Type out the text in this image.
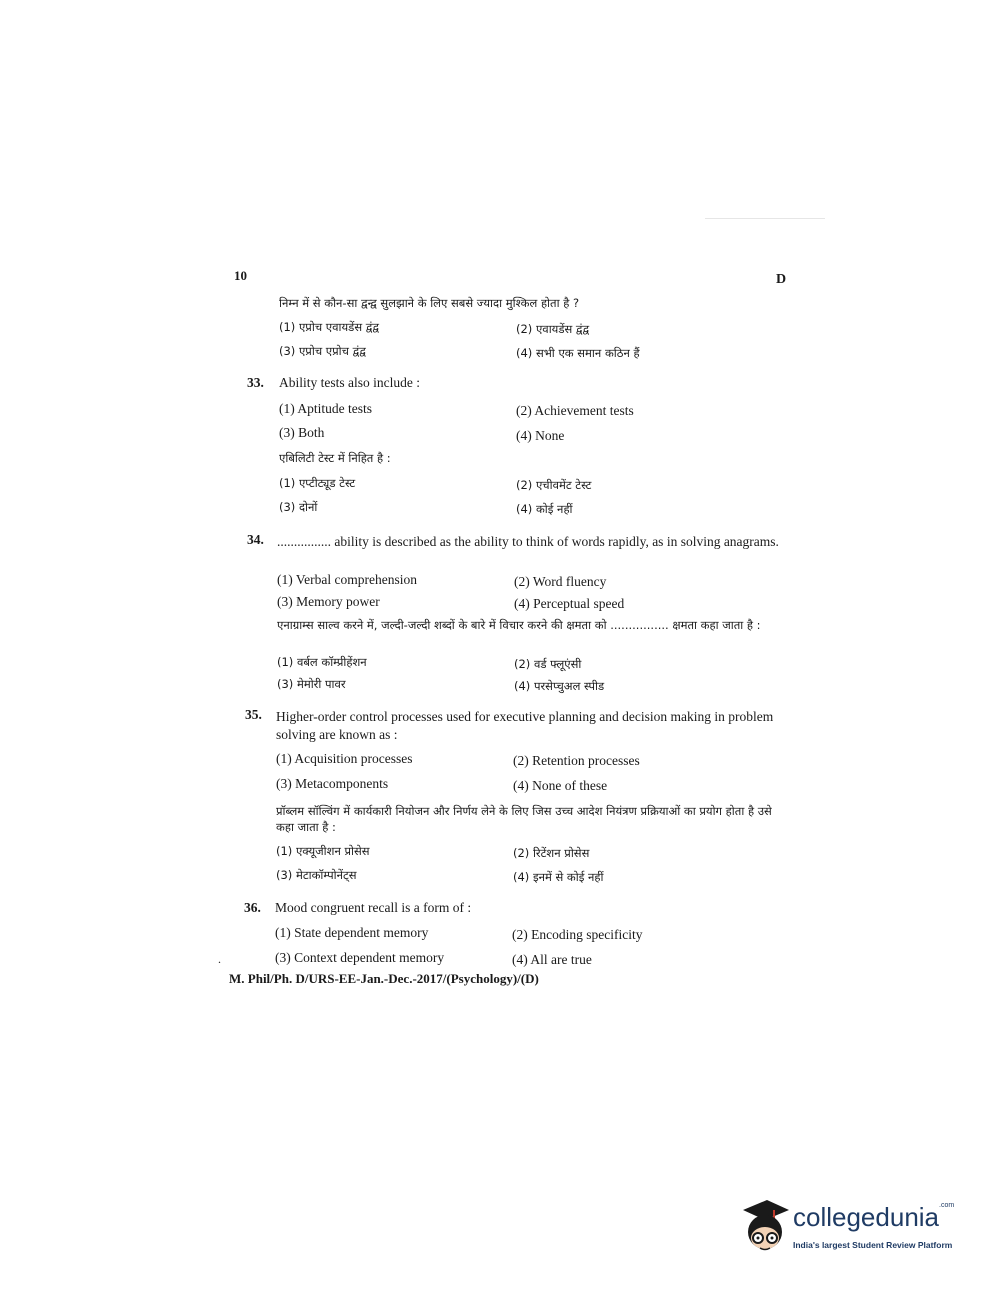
10	D
निम्न में से कौन-सा द्वन्द्व सुलझाने के लिए सबसे ज्यादा मुश्किल होता है ?
(1) एप्रोच एवायडेंस द्वंद्व	(2) एवायडेंस द्वंद्व
(3) एप्रोच एप्रोच द्वंद्व	(4) सभी एक समान कठिन हैं
33. Ability tests also include :
(1) Aptitude tests	(2) Achievement tests
(3) Both	(4) None
एबिलिटी टेस्ट में निहित है :
(1) एप्टीट्यूड टेस्ट	(2) एचीवमेंट टेस्ट
(3) दोनों	(4) कोई नहीं
34. ................ ability is described as the ability to think of words rapidly, as in solving anagrams.
(1) Verbal comprehension	(2) Word fluency
(3) Memory power	(4) Perceptual speed
एनाग्राम्स साल्व करने में, जल्दी-जल्दी शब्दों के बारे में विचार करने की क्षमता को ................ क्षमता कहा जाता है :
(1) वर्बल कॉम्प्रीहेंशन	(2) वर्ड फ्लूएंसी
(3) मेमोरी पावर	(4) परसेप्चुअल स्पीड
35. Higher-order control processes used for executive planning and decision making in problem solving are known as :
(1) Acquisition processes	(2) Retention processes
(3) Metacomponents	(4) None of these
प्रॉब्लम सॉल्विंग में कार्यकारी नियोजन और निर्णय लेने के लिए जिस उच्च आदेश नियंत्रण प्रक्रियाओं का प्रयोग होता है उसे कहा जाता है :
(1) एक्यूजीशन प्रोसेस	(2) रिटेंशन प्रोसेस
(3) मेटाकॉम्पोनेंट्स	(4) इनमें से कोई नहीं
36. Mood congruent recall is a form of :
(1) State dependent memory	(2) Encoding specificity
(3) Context dependent memory	(4) All are true
.
M. Phil/Ph. D/URS-EE-Jan.-Dec.-2017/(Psychology)/(D)
collegedunia$^{.com}$
India's largest Student Review Platform
